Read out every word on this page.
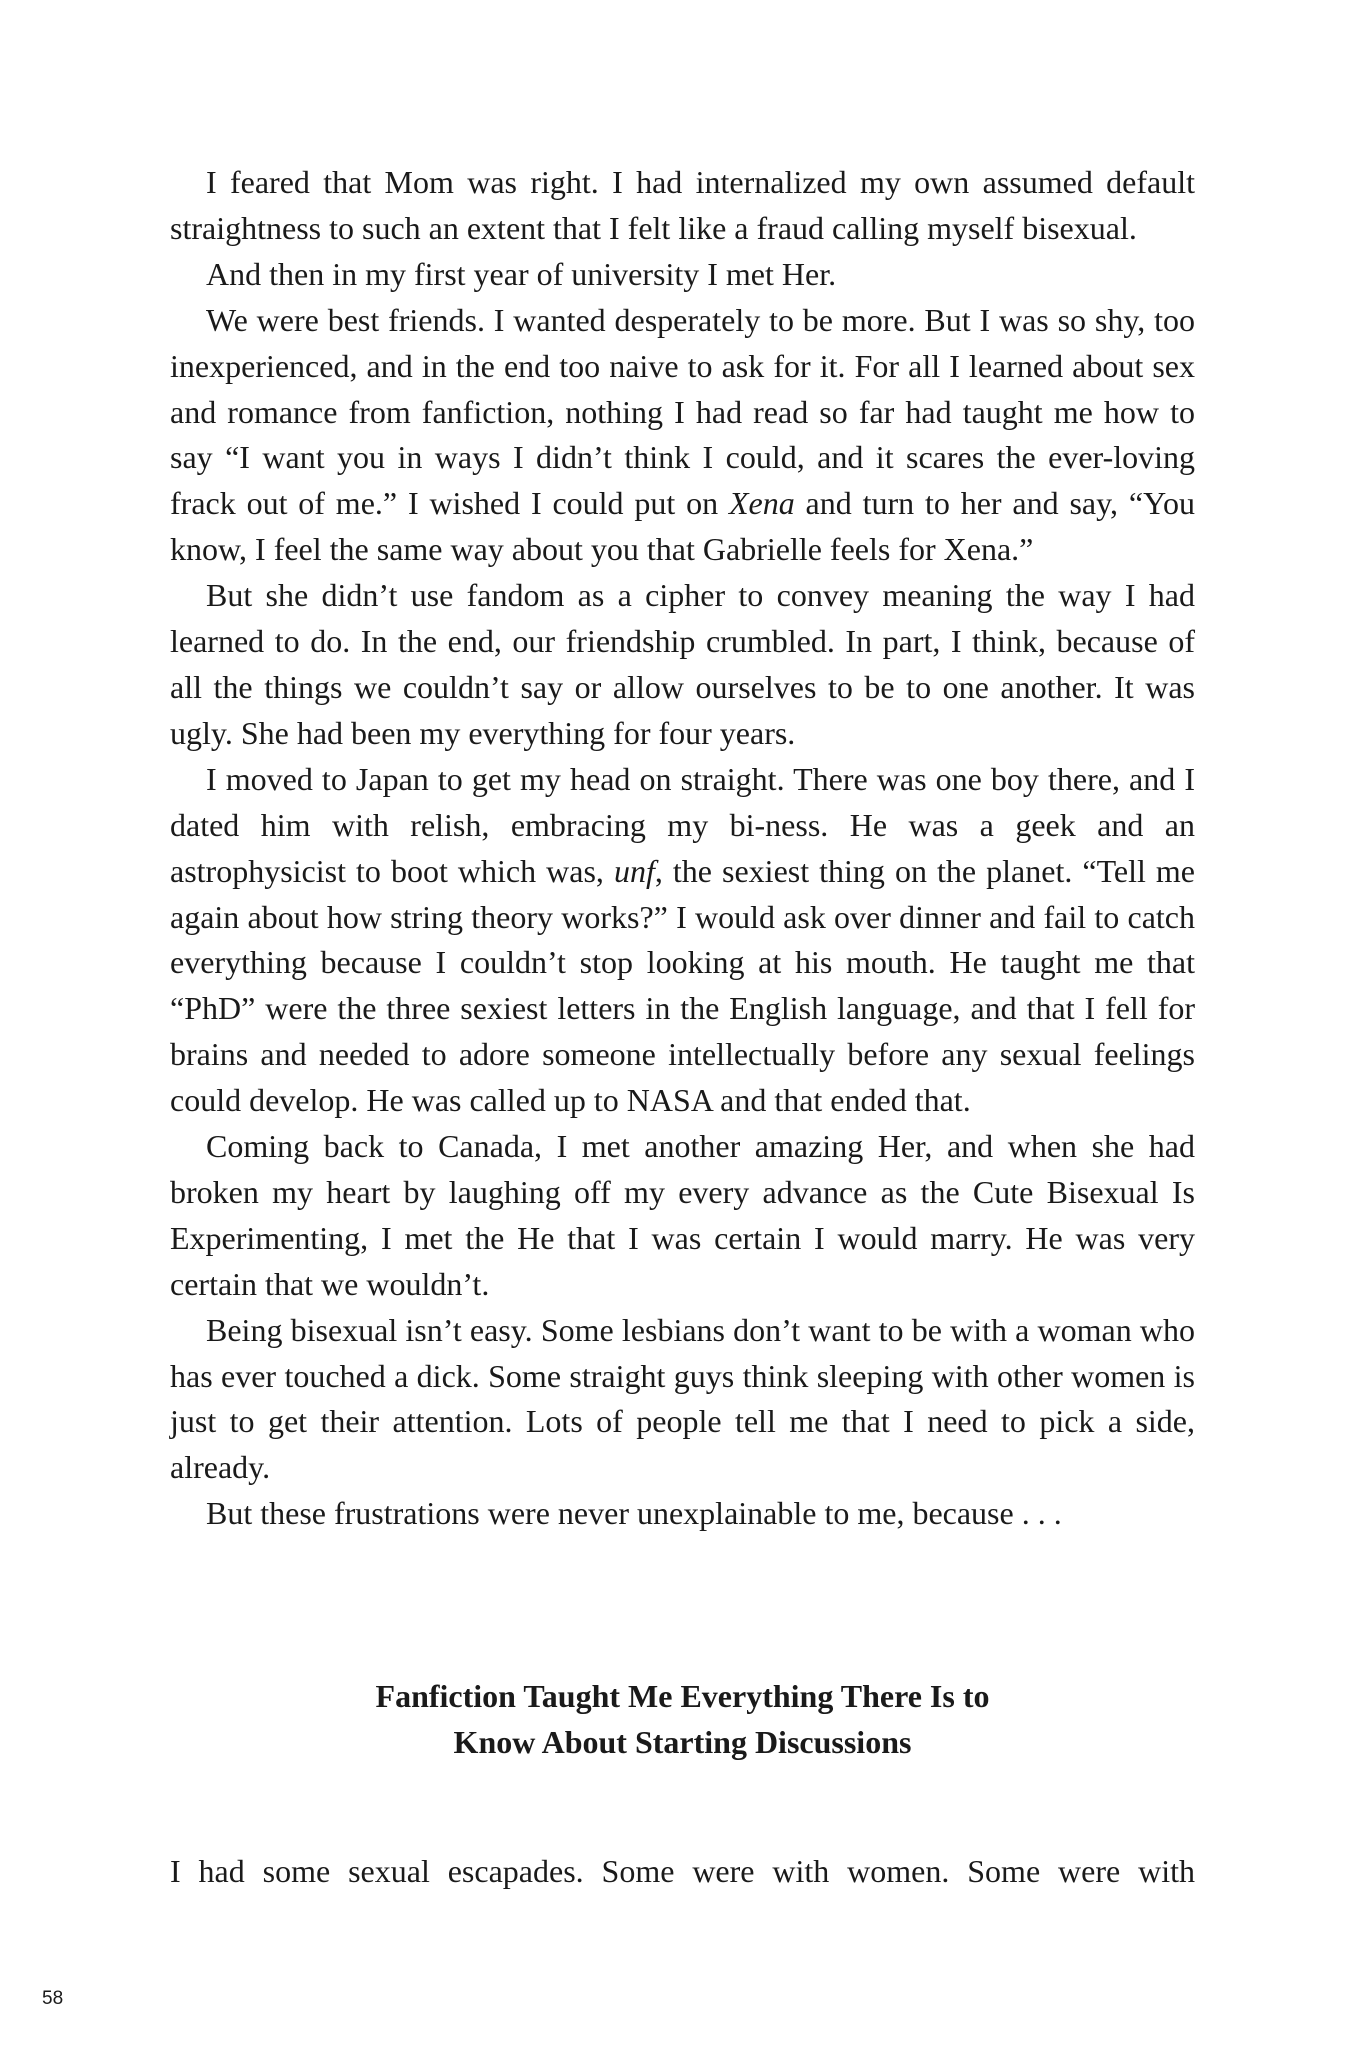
I feared that Mom was right. I had internalized my own assumed default straightness to such an extent that I felt like a fraud calling myself bisexual.

And then in my first year of university I met Her.

We were best friends. I wanted desperately to be more. But I was so shy, too inexperienced, and in the end too naive to ask for it. For all I learned about sex and romance from fanfiction, nothing I had read so far had taught me how to say “I want you in ways I didn’t think I could, and it scares the ever-loving frack out of me.” I wished I could put on Xena and turn to her and say, “You know, I feel the same way about you that Gabrielle feels for Xena.”

But she didn’t use fandom as a cipher to convey meaning the way I had learned to do. In the end, our friendship crumbled. In part, I think, because of all the things we couldn’t say or allow ourselves to be to one another. It was ugly. She had been my everything for four years.

I moved to Japan to get my head on straight. There was one boy there, and I dated him with relish, embracing my bi-ness. He was a geek and an astrophysicist to boot which was, unf, the sexiest thing on the planet. “Tell me again about how string theory works?” I would ask over dinner and fail to catch everything because I couldn’t stop looking at his mouth. He taught me that “PhD” were the three sexiest letters in the English language, and that I fell for brains and needed to adore someone intellectually before any sexual feelings could develop. He was called up to NASA and that ended that.

Coming back to Canada, I met another amazing Her, and when she had broken my heart by laughing off my every advance as the Cute Bisexual Is Experimenting, I met the He that I was certain I would marry. He was very certain that we wouldn’t.

Being bisexual isn’t easy. Some lesbians don’t want to be with a woman who has ever touched a dick. Some straight guys think sleeping with other women is just to get their attention. Lots of people tell me that I need to pick a side, already.

But these frustrations were never unexplainable to me, because . . .

Fanfiction Taught Me Everything There Is to
Know About Starting Discussions

I had some sexual escapades. Some were with women. Some were with

58
